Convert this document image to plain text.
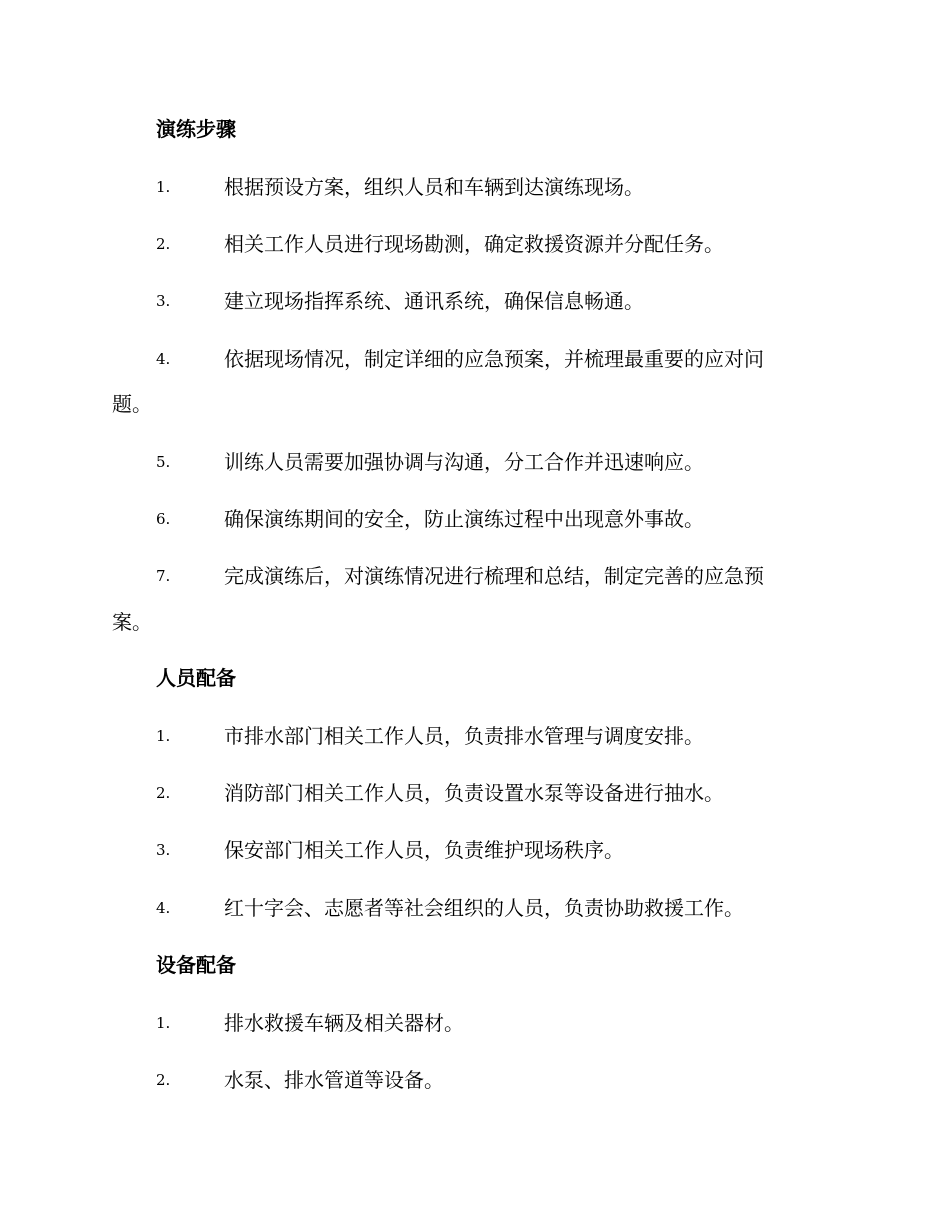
演练步骤
1.	根据预设方案，组织人员和车辆到达演练现场。
2.	相关工作人员进行现场勘测，确定救援资源并分配任务。
3.	建立现场指挥系统、通讯系统，确保信息畅通。
4.	依据现场情况，制定详细的应急预案，并梳理最重要的应对问
题。
5.	训练人员需要加强协调与沟通，分工合作并迅速响应。
6.	确保演练期间的安全，防止演练过程中出现意外事故。
7.	完成演练后，对演练情况进行梳理和总结，制定完善的应急预
案。
人员配备
1.	市排水部门相关工作人员，负责排水管理与调度安排。
2.	消防部门相关工作人员，负责设置水泵等设备进行抽水。
3.	保安部门相关工作人员，负责维护现场秩序。
4.	红十字会、志愿者等社会组织的人员，负责协助救援工作。
设备配备
1.	排水救援车辆及相关器材。
2.	水泵、排水管道等设备。
